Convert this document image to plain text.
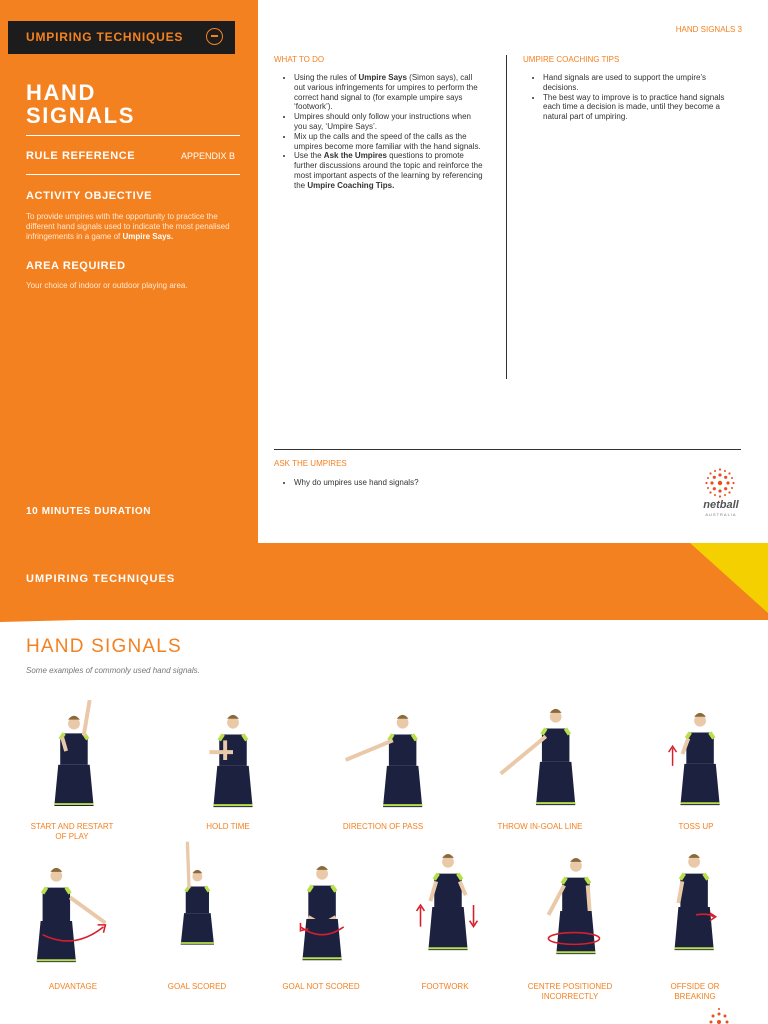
UMPIRING TECHNIQUES
HAND
SIGNALS
RULE REFERENCE	APPENDIX B
ACTIVITY OBJECTIVE
To provide umpires with the opportunity to practice the different hand signals used to indicate the most penalised infringements in a game of Umpire Says.
AREA REQUIRED
Your choice of indoor or outdoor playing area.
10 MINUTES DURATION
HAND SIGNALS 3
WHAT TO DO
• Using the rules of Umpire Says (Simon says), call out various infringements for umpires to perform the correct hand signal to (for example umpire says ‘footwork’).
• Umpires should only follow your instructions when you say, ‘Umpire Says’.
• Mix up the calls and the speed of the calls as the umpires become more familiar with the hand signals.
• Use the Ask the Umpires questions to promote further discussions around the topic and reinforce the most important aspects of the learning by referencing the Umpire Coaching Tips.
UMPIRE COACHING TIPS
• Hand signals are used to support the umpire’s decisions.
• The best way to improve is to practice hand signals each time a decision is made, until they become a natural part of umpiring.
ASK THE UMPIRES
• Why do umpires use hand signals?
netball
AUSTRALIA
UMPIRING TECHNIQUES
HAND SIGNALS
Some examples of commonly used hand signals.
START AND RESTART
OF PLAY
HOLD TIME	DIRECTION OF PASS	THROW IN-GOAL LINE	TOSS UP
ADVANTAGE	GOAL SCORED	GOAL NOT SCORED	FOOTWORK	CENTRE POSITIONED
INCORRECTLY
OFFSIDE OR
BREAKING
